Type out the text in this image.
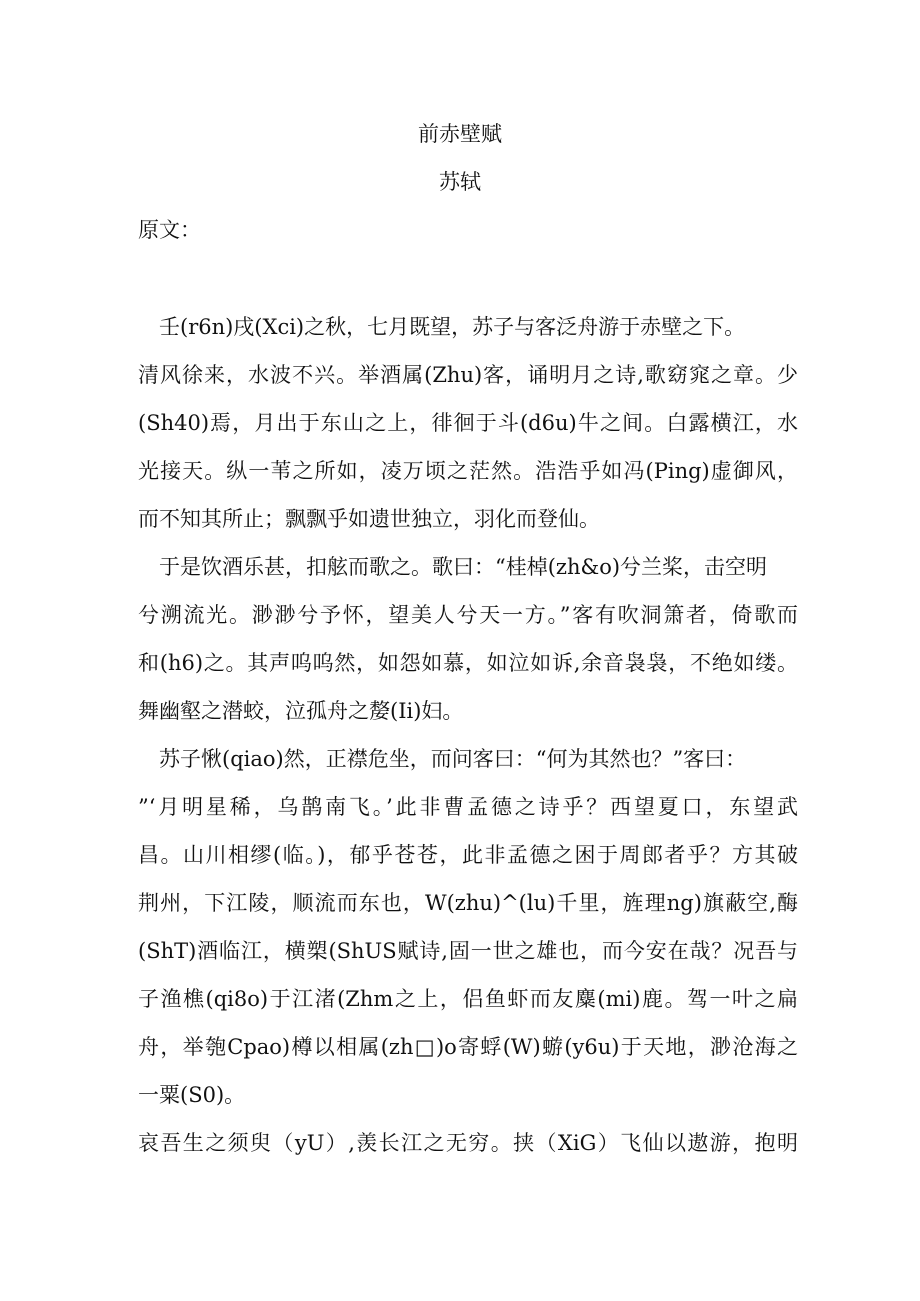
前赤壁赋
苏轼
原文：
壬(r6n)戌(Xci)之秋，七月既望，苏子与客泛舟游于赤壁之下。
清风徐来，水波不兴。举酒属(Zhu)客，诵明月之诗,歌窈窕之章。少
(Sh40)焉，月出于东山之上，徘徊于斗(d6u)牛之间。白露横江，水
光接天。纵一苇之所如，凌万顷之茫然。浩浩乎如冯(Ping)虚御风，
而不知其所止；飘飘乎如遗世独立，羽化而登仙。
于是饮酒乐甚，扣舷而歌之。歌曰：“桂棹(zh&o)兮兰桨，击空明
兮溯流光。渺渺兮予怀，望美人兮天一方。”客有吹洞箫者，倚歌而
和(h6)之。其声呜呜然，如怨如慕，如泣如诉,余音袅袅，不绝如缕。
舞幽壑之潜蛟，泣孤舟之嫠(Ii)妇。
苏子愀(qiao)然，正襟危坐，而问客曰：“何为其然也？”客曰：
”‘月明星稀，乌鹊南飞。’此非曹孟德之诗乎？西望夏口，东望武
昌。山川相缪(临。)，郁乎苍苍，此非孟德之困于周郎者乎？方其破
荆州，下江陵，顺流而东也，W(zhu)^(lu)千里，旌理ng)旗蔽空,酶
(ShT)酒临江，横槊(ShUS赋诗,固一世之雄也，而今安在哉？况吾与
子渔樵(qi8o)于江渚(Zhm之上，侣鱼虾而友麋(mi)鹿。驾一叶之扁
舟，举匏Cpao)樽以相属(zh□)o寄蜉(W)蝣(y6u)于天地，渺沧海之
一粟(S0)。
哀吾生之须臾（yU）,羡长江之无穷。挟（XiG）飞仙以遨游，抱明
